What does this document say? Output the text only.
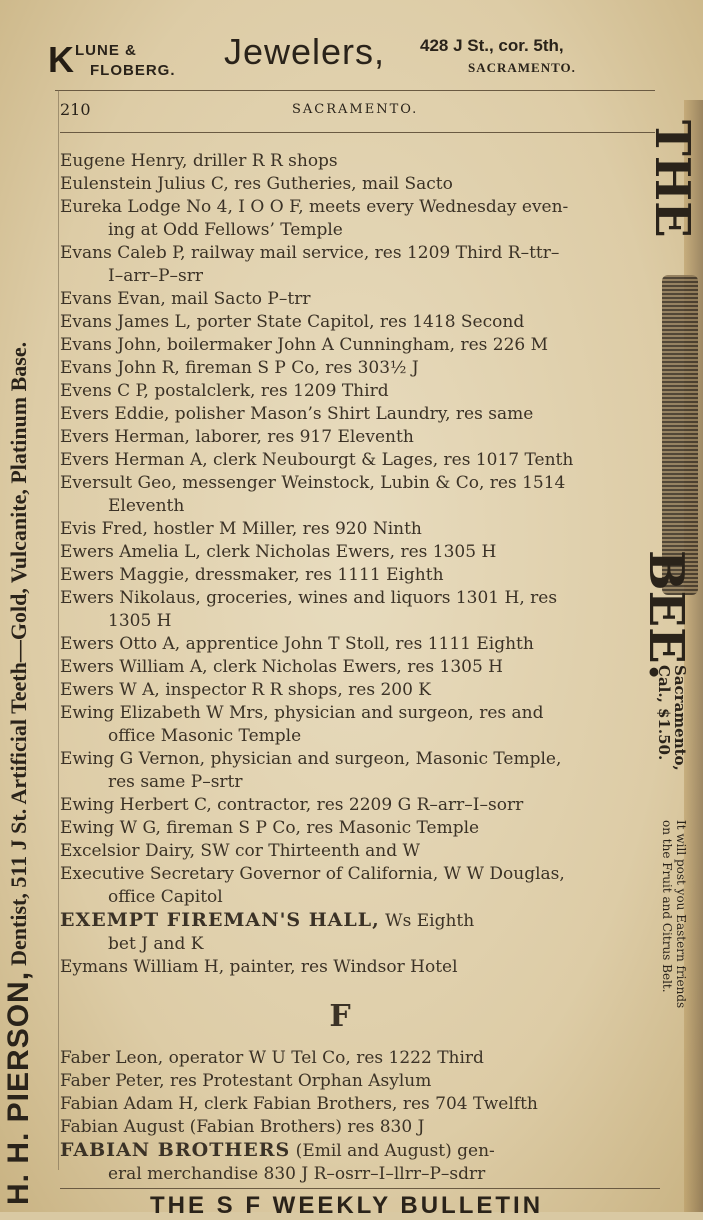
K LUNE &
FLOBERG. Jewelers, 428 J St., cor. 5th,
SACRAMENTO.
210	SACRAMENTO.
H. H. PIERSON, Dentist, 511 J St. Artificial Teeth—Gold, Vulcanite, Platinum Base.
Eugene Henry, driller R R shops
Eulenstein Julius C, res Gutheries, mail Sacto
Eureka Lodge No 4, I O O F, meets every Wednesday even-
ing at Odd Fellows’ Temple
Evans Caleb P, railway mail service, res 1209 Third R–ttr–
I–arr–P–srr
Evans Evan, mail Sacto P–trr
Evans James L, porter State Capitol, res 1418 Second
Evans John, boilermaker John A Cunningham, res 226 M
Evans John R, fireman S P Co, res 303½ J
Evens C P, postalclerk, res 1209 Third
Evers Eddie, polisher Mason’s Shirt Laundry, res same
Evers Herman, laborer, res 917 Eleventh
Evers Herman A, clerk Neubourgt & Lages, res 1017 Tenth
Eversult Geo, messenger Weinstock, Lubin & Co, res 1514
Eleventh
Evis Fred, hostler M Miller, res 920 Ninth
Ewers Amelia L, clerk Nicholas Ewers, res 1305 H
Ewers Maggie, dressmaker, res 1111 Eighth
Ewers Nikolaus, groceries, wines and liquors 1301 H, res
1305 H
Ewers Otto A, apprentice John T Stoll, res 1111 Eighth
Ewers William A, clerk Nicholas Ewers, res 1305 H
Ewers W A, inspector R R shops, res 200 K
Ewing Elizabeth W Mrs, physician and surgeon, res and
office Masonic Temple
Ewing G Vernon, physician and surgeon, Masonic Temple,
res same P–srtr
Ewing Herbert C, contractor, res 2209 G R–arr–I–sorr
Ewing W G, fireman S P Co, res Masonic Temple
Excelsior Dairy, SW cor Thirteenth and W
Executive Secretary Governor of California, W W Douglas,
office Capitol
EXEMPT FIREMAN'S HALL, Ws Eighth
bet J and K
Eymans William H, painter, res Windsor Hotel
F
Faber Leon, operator W U Tel Co, res 1222 Third
Faber Peter, res Protestant Orphan Asylum
Fabian Adam H, clerk Fabian Brothers, res 704 Twelfth
Fabian August (Fabian Brothers) res 830 J
FABIAN BROTHERS (Emil and August) gen-
eral merchandise 830 J R–osrr–I–llrr–P–sdrr
THE
BEE.
Sacramento,
Cal., $1.50.
It will post you Eastern friends
on the Fruit and Citrus Belt.
THE S F WEEKLY BULLETIN
